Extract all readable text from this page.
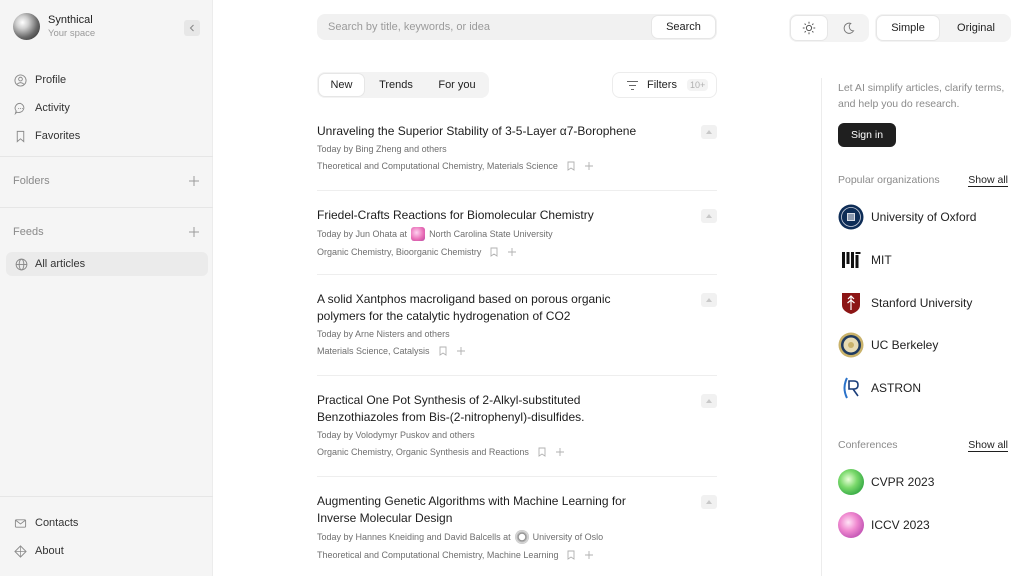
Synthical
Your space
Profile
Activity
Favorites
Folders
Feeds
All articles
Contacts
About
Search by title, keywords, or idea
Search	Simple	Original
New	Trends	For you	Filters	10+
Unraveling the Superior Stability of 3-5-Layer α7-Borophene
Today by Bing Zheng and others
Theoretical and Computational Chemistry, Materials Science
Friedel-Crafts Reactions for Biomolecular Chemistry
Today by Jun Ohata at North Carolina State University
Organic Chemistry, Bioorganic Chemistry
A solid Xantphos macroligand based on porous organic polymers for the catalytic hydrogenation of CO2
Today by Arne Nisters and others
Materials Science, Catalysis
Practical One Pot Synthesis of 2-Alkyl-substituted Benzothiazoles from Bis-(2-nitrophenyl)-disulfides.
Today by Volodymyr Puskov and others
Organic Chemistry, Organic Synthesis and Reactions
Augmenting Genetic Algorithms with Machine Learning for Inverse Molecular Design
Today by Hannes Kneiding and David Balcells at University of Oslo
Theoretical and Computational Chemistry, Machine Learning
Let AI simplify articles, clarify terms, and help you do research.
Sign in
Popular organizations	Show all
University of Oxford
MIT
Stanford University
UC Berkeley
ASTRON
Conferences	Show all
CVPR 2023
ICCV 2023
